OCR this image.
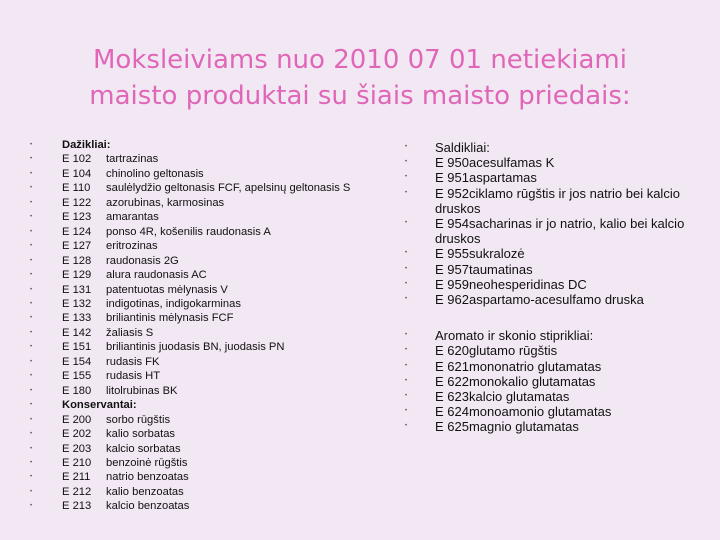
Moksleiviams nuo 2010 07 01 netiekiami
maisto produktai su šiais maisto priedais:
•	Dažikliai:
•	E 102 tartrazinas
•	E 104 chinolino geltonasis
•	E 110 saulėlydžio geltonasis FCF, apelsinų geltonasis S
•	E 122 azorubinas, karmosinas
•	E 123 amarantas
•	E 124 ponso 4R, košenilis raudonasis A
•	E 127 eritrozinas
•	E 128 raudonasis 2G
•	E 129 alura raudonasis AC
•	E 131 patentuotas mėlynasis V
•	E 132 indigotinas, indigokarminas
•	E 133 briliantinis mėlynasis FCF
•	E 142 žaliasis S
•	E 151 briliantinis juodasis BN, juodasis PN
•	E 154 rudasis FK
•	E 155 rudasis HT
•	E 180 litolrubinas BK
•	Konservantai:
•	E 200 sorbo rūgštis
•	E 202 kalio sorbatas
•	E 203 kalcio sorbatas
•	E 210 benzoinė rūgštis
•	E 211 natrio benzoatas
•	E 212 kalio benzoatas
•	E 213 kalcio benzoatas
• Saldikliai:
• E 950acesulfamas K
• E 951aspartamas
• E 952ciklamo rūgštis ir jos natrio bei kalcio druskos
• E 954sacharinas ir jo natrio, kalio bei kalcio druskos
• E 955sukralozė
• E 957taumatinas
• E 959neohesperidinas DC
• E 962aspartamo-acesulfamo druska
• Aromato ir skonio stiprikliai:
• E 620glutamo rūgštis
• E 621mononatrio glutamatas
• E 622monokalio glutamatas
• E 623kalcio glutamatas
• E 624monoamonio glutamatas
• E 625magnio glutamatas
